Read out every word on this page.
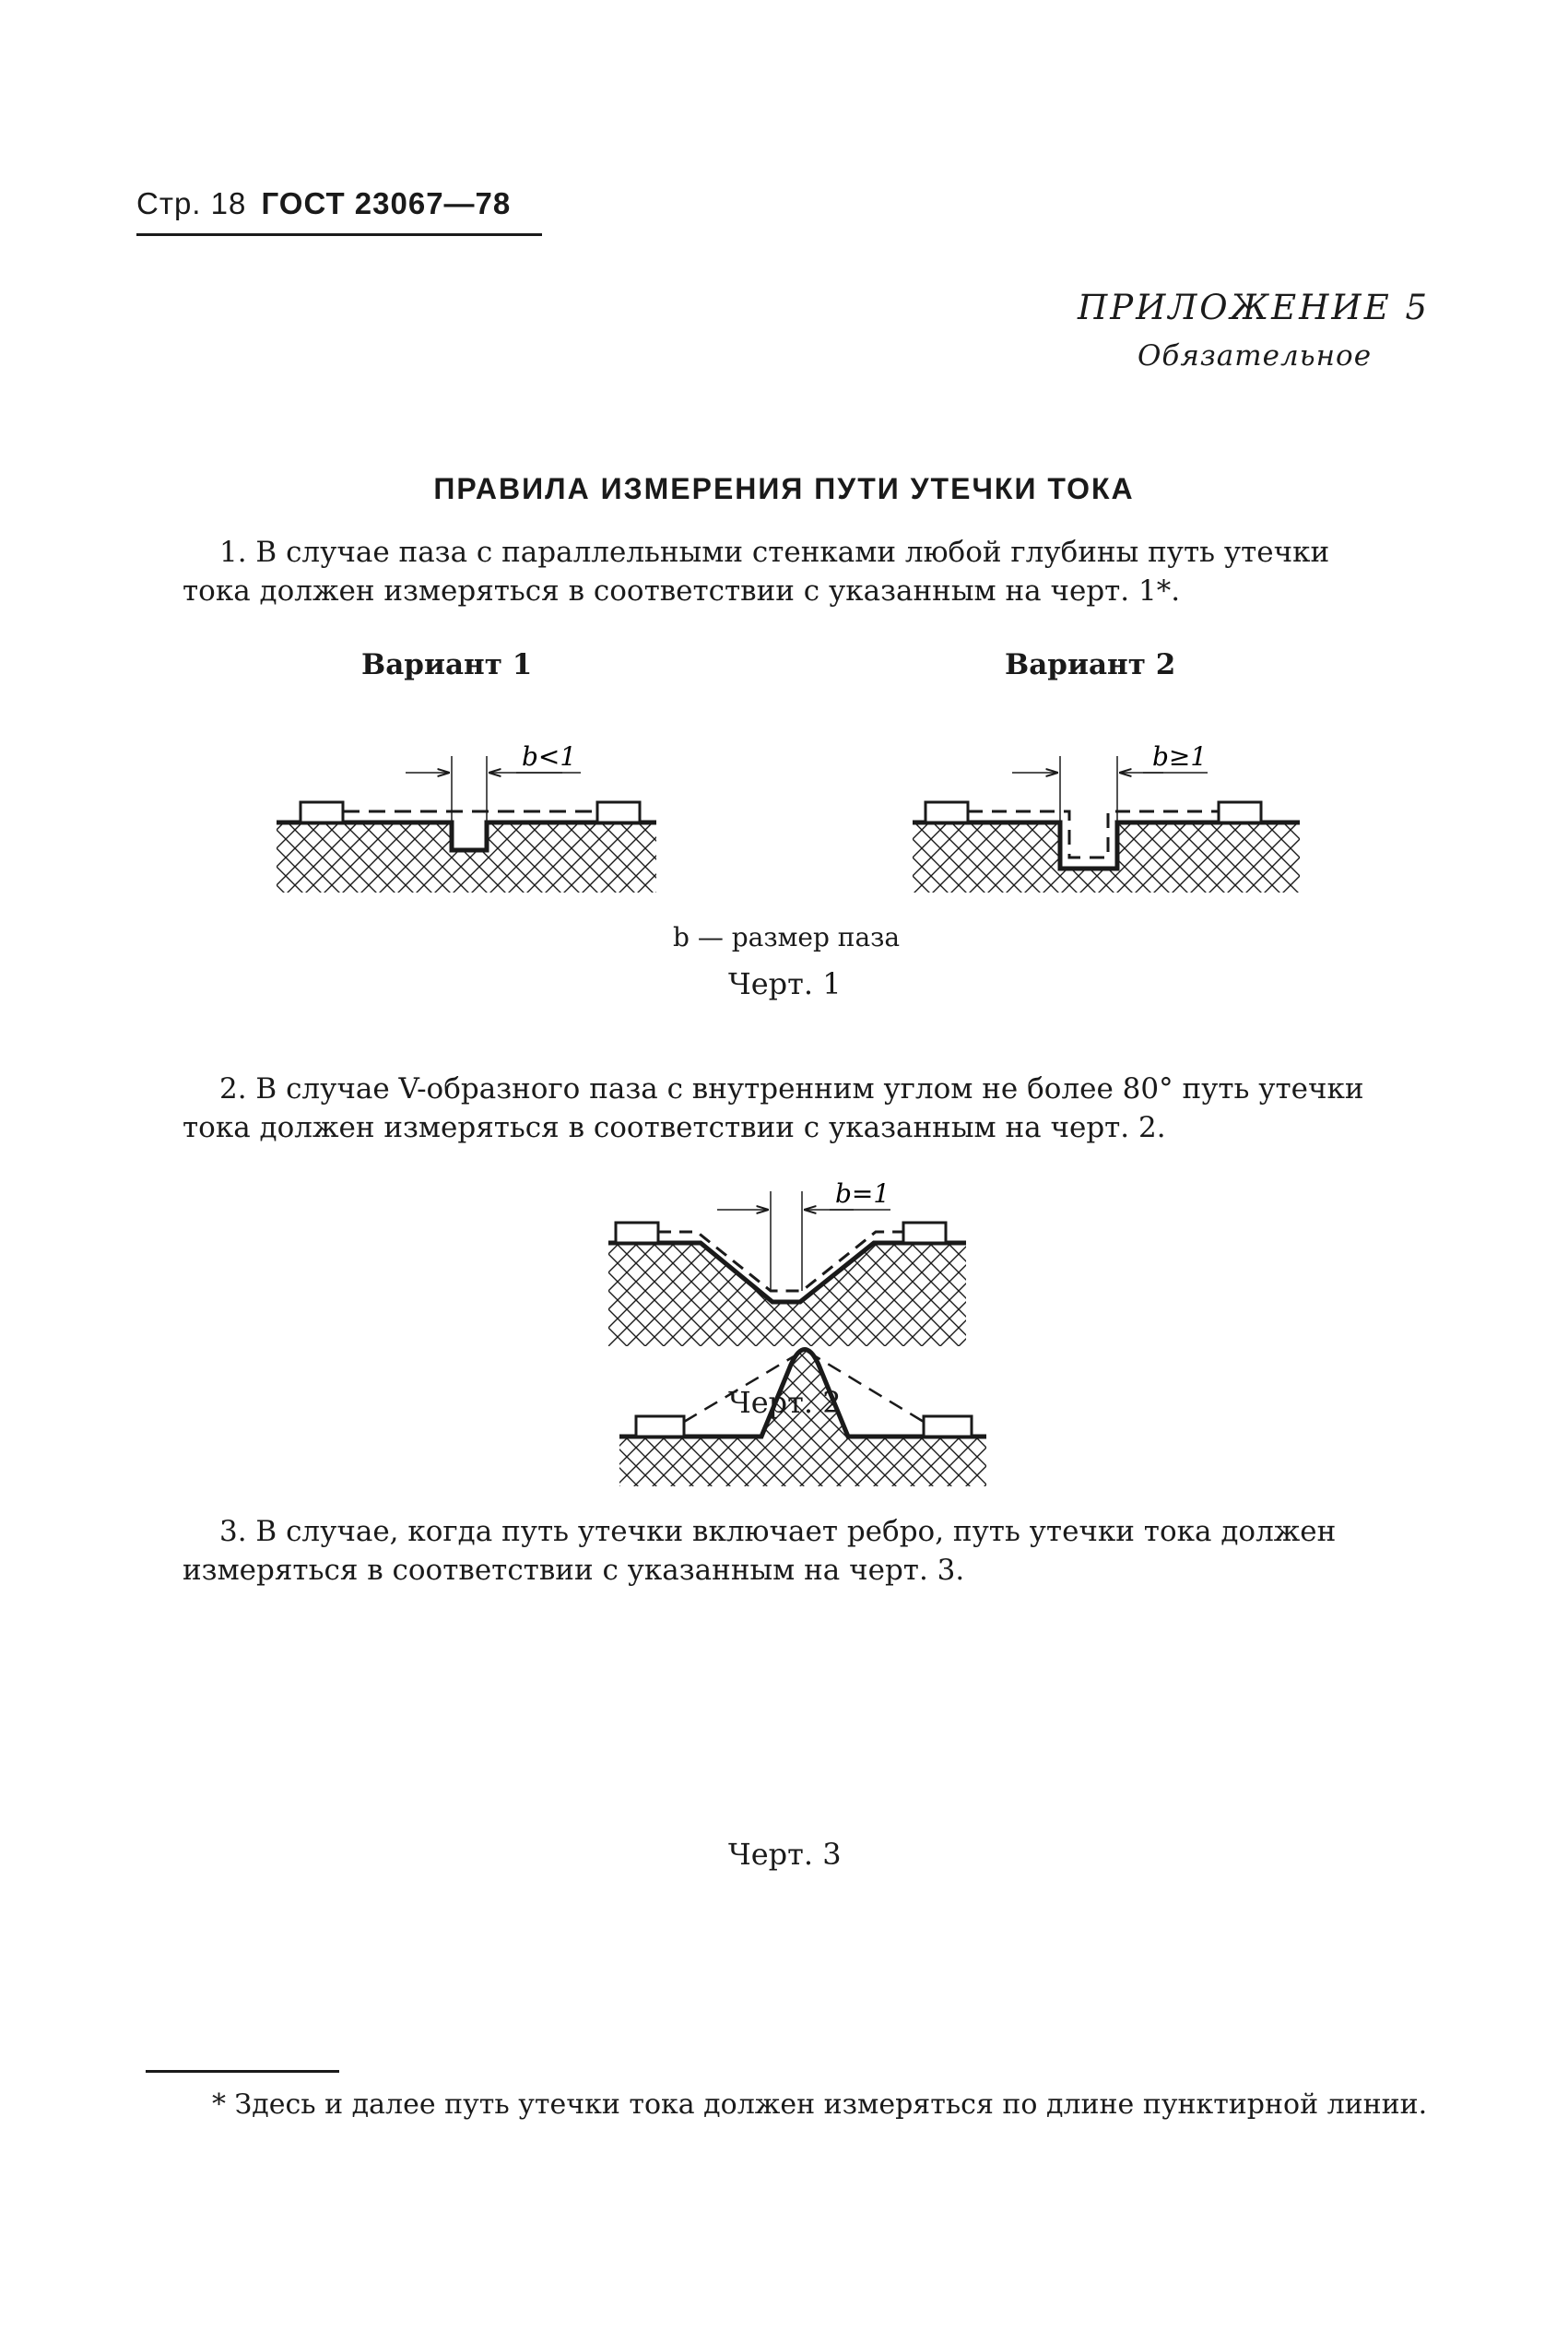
Стр. 18 ГОСТ 23067—78
ПРИЛОЖЕНИЕ 5
Обязательное
ПРАВИЛА ИЗМЕРЕНИЯ ПУТИ УТЕЧКИ ТОКА
1. В случае паза с параллельными стенками любой глубины путь утечки
тока должен измеряться в соответствии с указанным на черт. 1*.
Вариант 1	Вариант 2
b<1	b≥1
b=1
b — размер паза
Черт. 1
2. В случае V-образного паза с внутренним углом не более 80° путь утечки
тока должен измеряться в соответствии с указанным на черт. 2.
Черт. 2
3. В случае, когда путь утечки включает ребро, путь утечки тока должен
измеряться в соответствии с указанным на черт. 3.
Черт. 3
* Здесь и далее путь утечки тока должен измеряться по длине пунктирной линии.
